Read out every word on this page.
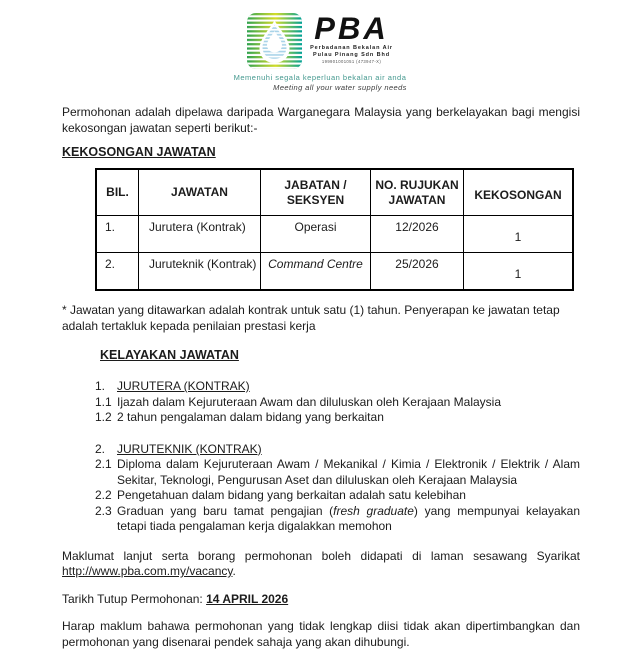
PBA
Perbadanan Bekalan Air
Pulau Pinang Sdn Bhd
199901001051 (473947-X)
Memenuhi segala keperluan bekalan air anda
Meeting all your water supply needs

Permohonan adalah dipelawa daripada Warganegara Malaysia yang berkelayakan bagi mengisi kekosongan jawatan seperti berikut:-

KEKOSONGAN JAWATAN
BIL.	JAWATAN	JABATAN / SEKSYEN	NO. RUJUKAN JAWATAN	KEKOSONGAN
1.	Jurutera (Kontrak)	Operasi	12/2026	1
2.	Juruteknik (Kontrak)	Command Centre	25/2026	1

* Jawatan yang ditawarkan adalah kontrak untuk satu (1) tahun. Penyerapan ke jawatan tetap adalah tertakluk kepada penilaian prestasi kerja

KELAYAKAN JAWATAN
1. JURUTERA (KONTRAK)
1.1 Ijazah dalam Kejuruteraan Awam dan diluluskan oleh Kerajaan Malaysia
1.2 2 tahun pengalaman dalam bidang yang berkaitan
2. JURUTEKNIK (KONTRAK)
2.1 Diploma dalam Kejuruteraan Awam / Mekanikal / Kimia / Elektronik / Elektrik / Alam Sekitar, Teknologi, Pengurusan Aset dan diluluskan oleh Kerajaan Malaysia
2.2 Pengetahuan dalam bidang yang berkaitan adalah satu kelebihan
2.3 Graduan yang baru tamat pengajian (fresh graduate) yang mempunyai kelayakan tetapi tiada pengalaman kerja digalakkan memohon

Maklumat lanjut serta borang permohonan boleh didapati di laman sesawang Syarikat http://www.pba.com.my/vacancy.

Tarikh Tutup Permohonan: 14 APRIL 2026

Harap maklum bahawa permohonan yang tidak lengkap diisi tidak akan dipertimbangkan dan permohonan yang disenarai pendek sahaja yang akan dihubungi.
